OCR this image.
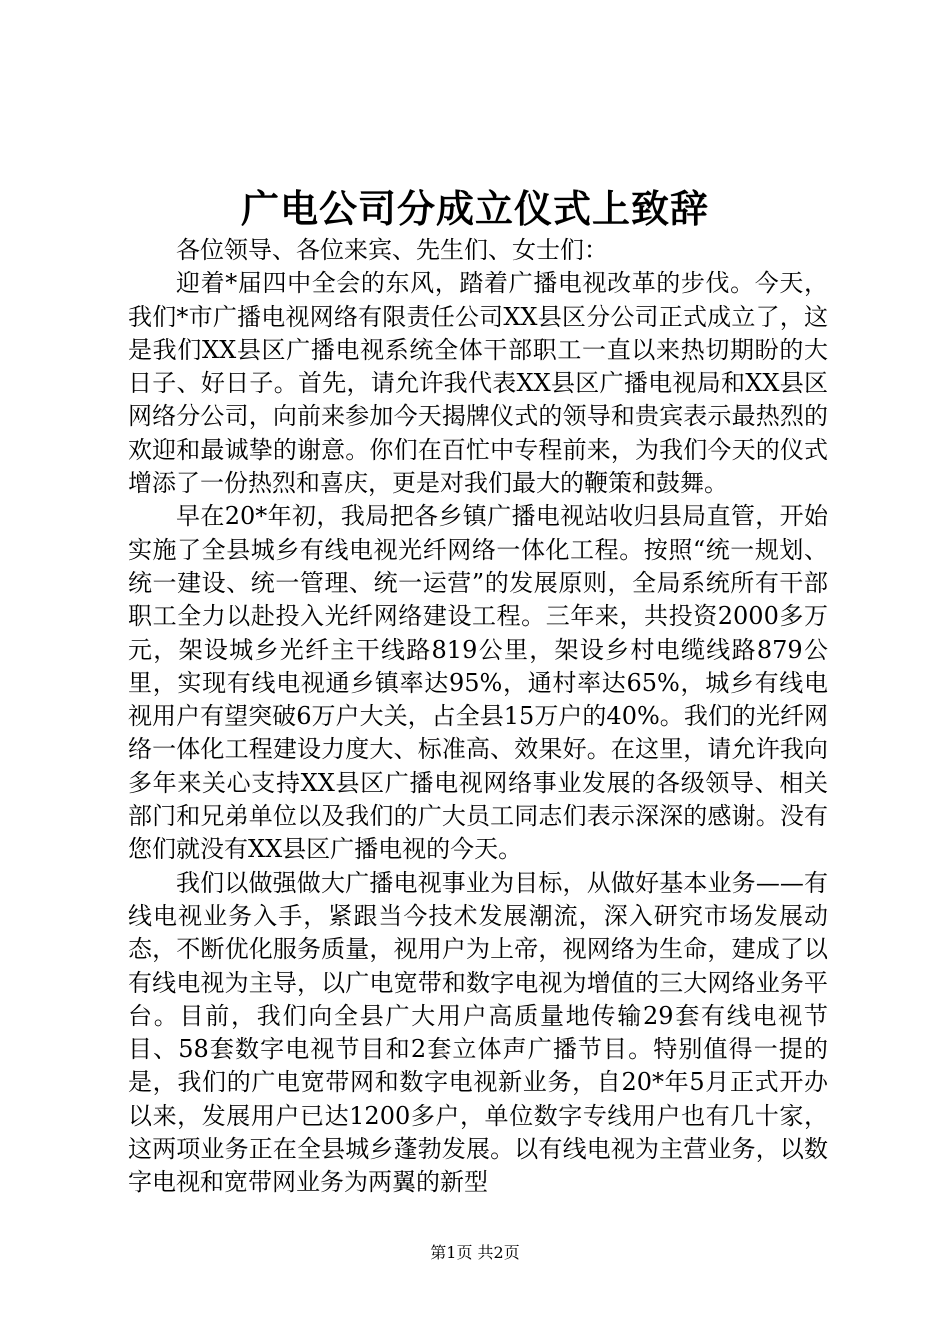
广电公司分成立仪式上致辞

各位领导、各位来宾、先生们、女士们：

迎着*届四中全会的东风，踏着广播电视改革的步伐。今天，我们*市广播电视网络有限责任公司XX县区分公司正式成立了，这是我们XX县区广播电视系统全体干部职工一直以来热切期盼的大日子、好日子。首先，请允许我代表XX县区广播电视局和XX县区网络分公司，向前来参加今天揭牌仪式的领导和贵宾表示最热烈的欢迎和最诚挚的谢意。你们在百忙中专程前来，为我们今天的仪式增添了一份热烈和喜庆，更是对我们最大的鞭策和鼓舞。

早在20*年初，我局把各乡镇广播电视站收归县局直管，开始实施了全县城乡有线电视光纤网络一体化工程。按照“统一规划、统一建设、统一管理、统一运营”的发展原则，全局系统所有干部职工全力以赴投入光纤网络建设工程。三年来，共投资2000多万元，架设城乡光纤主干线路819公里，架设乡村电缆线路879公里，实现有线电视通乡镇率达95%，通村率达65%，城乡有线电视用户有望突破6万户大关，占全县15万户的40%。我们的光纤网络一体化工程建设力度大、标准高、效果好。在这里，请允许我向多年来关心支持XX县区广播电视网络事业发展的各级领导、相关部门和兄弟单位以及我们的广大员工同志们表示深深的感谢。没有您们就没有XX县区广播电视的今天。

我们以做强做大广播电视事业为目标，从做好基本业务——有线电视业务入手，紧跟当今技术发展潮流，深入研究市场发展动态，不断优化服务质量，视用户为上帝，视网络为生命，建成了以有线电视为主导，以广电宽带和数字电视为增值的三大网络业务平台。目前，我们向全县广大用户高质量地传输29套有线电视节目、58套数字电视节目和2套立体声广播节目。特别值得一提的是，我们的广电宽带网和数字电视新业务，自20*年5月正式开办以来，发展用户已达1200多户，单位数字专线用户也有几十家，这两项业务正在全县城乡蓬勃发展。以有线电视为主营业务，以数字电视和宽带网业务为两翼的新型

第1页 共2页
